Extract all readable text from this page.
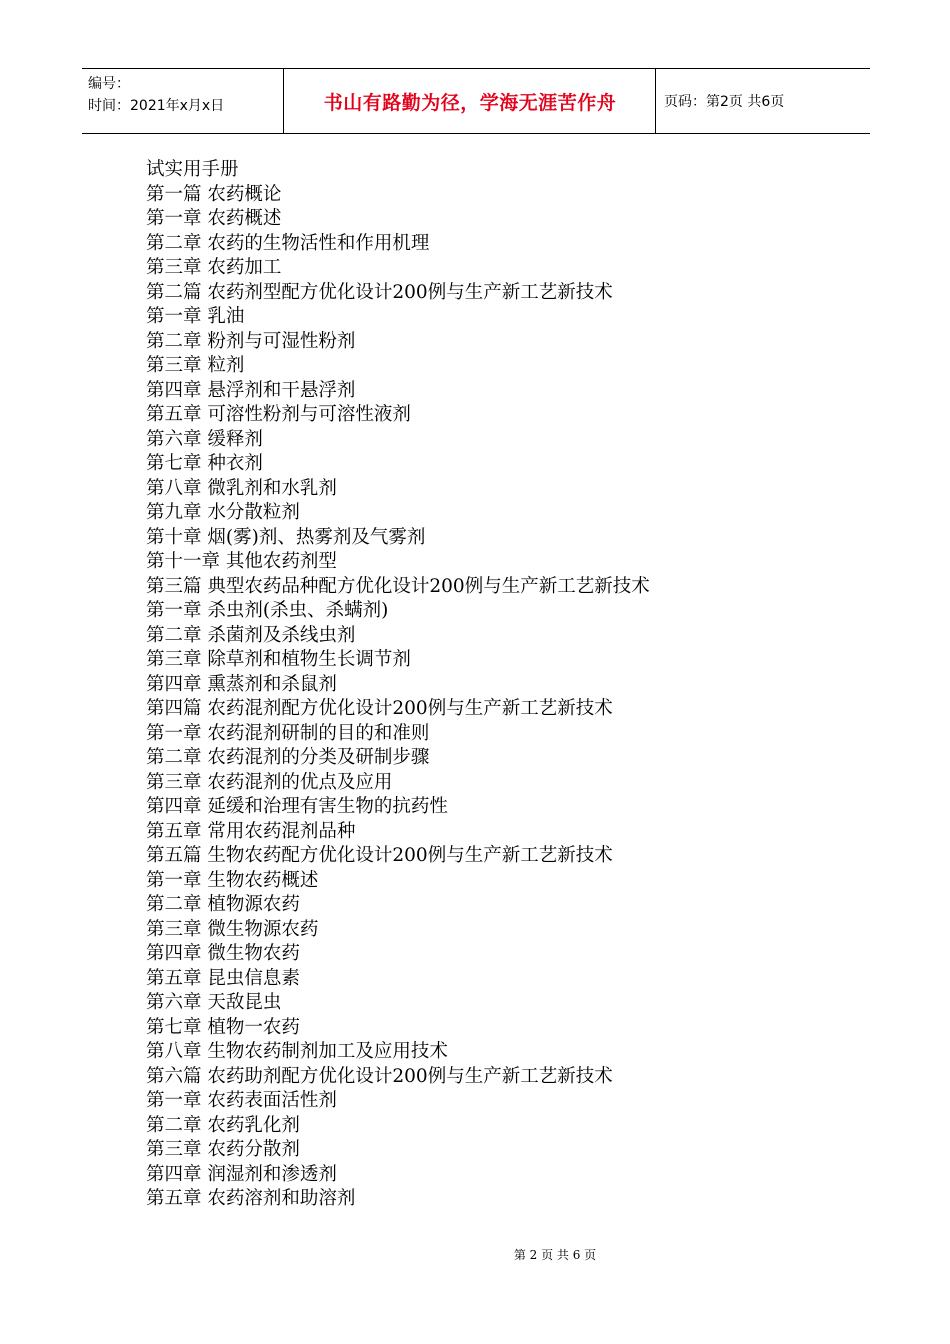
编号：
时间：2021年x月x日	书山有路勤为径，学海无涯苦作舟	页码：第2页 共6页
试实用手册
第一篇 农药概论
第一章 农药概述
第二章 农药的生物活性和作用机理
第三章 农药加工
第二篇 农药剂型配方优化设计200例与生产新工艺新技术
第一章 乳油
第二章 粉剂与可湿性粉剂
第三章 粒剂
第四章 悬浮剂和干悬浮剂
第五章 可溶性粉剂与可溶性液剂
第六章 缓释剂
第七章 种衣剂
第八章 微乳剂和水乳剂
第九章 水分散粒剂
第十章 烟(雾)剂、热雾剂及气雾剂
第十一章 其他农药剂型
第三篇 典型农药品种配方优化设计200例与生产新工艺新技术
第一章 杀虫剂(杀虫、杀螨剂)
第二章 杀菌剂及杀线虫剂
第三章 除草剂和植物生长调节剂
第四章 熏蒸剂和杀鼠剂
第四篇 农药混剂配方优化设计200例与生产新工艺新技术
第一章 农药混剂研制的目的和准则
第二章 农药混剂的分类及研制步骤
第三章 农药混剂的优点及应用
第四章 延缓和治理有害生物的抗药性
第五章 常用农药混剂品种
第五篇 生物农药配方优化设计200例与生产新工艺新技术
第一章 生物农药概述
第二章 植物源农药
第三章 微生物源农药
第四章 微生物农药
第五章 昆虫信息素
第六章 天敌昆虫
第七章 植物一农药
第八章 生物农药制剂加工及应用技术
第六篇 农药助剂配方优化设计200例与生产新工艺新技术
第一章 农药表面活性剂
第二章 农药乳化剂
第三章 农药分散剂
第四章 润湿剂和渗透剂
第五章 农药溶剂和助溶剂
第 2 页 共 6 页
